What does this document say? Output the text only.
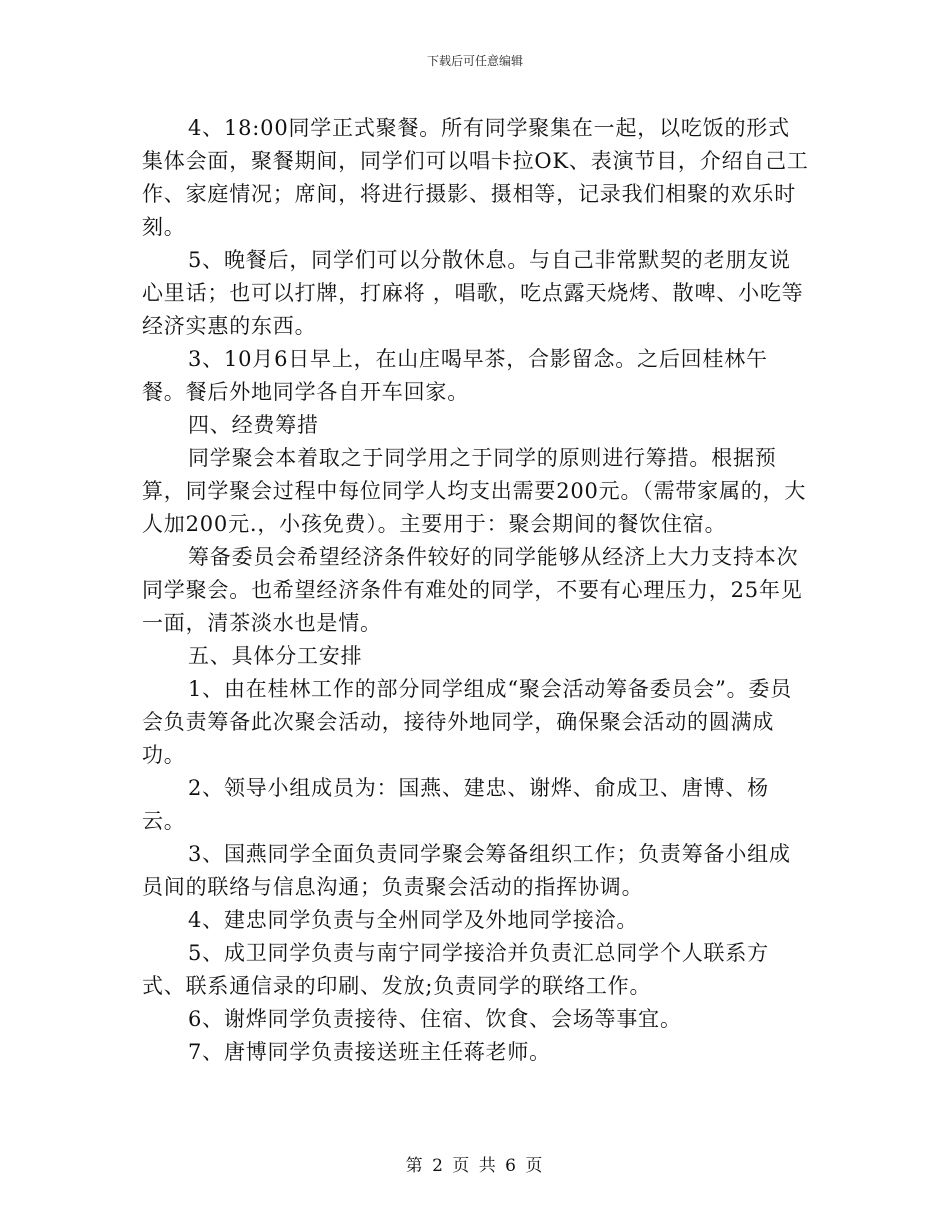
下载后可任意编辑

4、18:00同学正式聚餐。所有同学聚集在一起，以吃饭的形式集体会面，聚餐期间，同学们可以唱卡拉OK、表演节目，介绍自己工作、家庭情况；席间，将进行摄影、摄相等，记录我们相聚的欢乐时刻。

5、晚餐后，同学们可以分散休息。与自己非常默契的老朋友说心里话；也可以打牌，打麻将 ，唱歌，吃点露天烧烤、散啤、小吃等经济实惠的东西。

3、10月6日早上，在山庄喝早茶，合影留念。之后回桂林午餐。餐后外地同学各自开车回家。

四、经费筹措

同学聚会本着取之于同学用之于同学的原则进行筹措。根据预算，同学聚会过程中每位同学人均支出需要200元。（需带家属的，大人加200元.，小孩免费）。主要用于：聚会期间的餐饮住宿。

筹备委员会希望经济条件较好的同学能够从经济上大力支持本次同学聚会。也希望经济条件有难处的同学，不要有心理压力，25年见一面，清茶淡水也是情。

五、具体分工安排

1、由在桂林工作的部分同学组成“聚会活动筹备委员会”。委员会负责筹备此次聚会活动，接待外地同学，确保聚会活动的圆满成功。

2、领导小组成员为：国燕、建忠、谢烨、俞成卫、唐博、杨云。

3、国燕同学全面负责同学聚会筹备组织工作；负责筹备小组成员间的联络与信息沟通；负责聚会活动的指挥协调。

4、建忠同学负责与全州同学及外地同学接洽。

5、成卫同学负责与南宁同学接洽并负责汇总同学个人联系方式、联系通信录的印刷、发放;负责同学的联络工作。

6、谢烨同学负责接待、住宿、饮食、会场等事宜。

7、唐博同学负责接送班主任蒋老师。

第 2 页 共 6 页
